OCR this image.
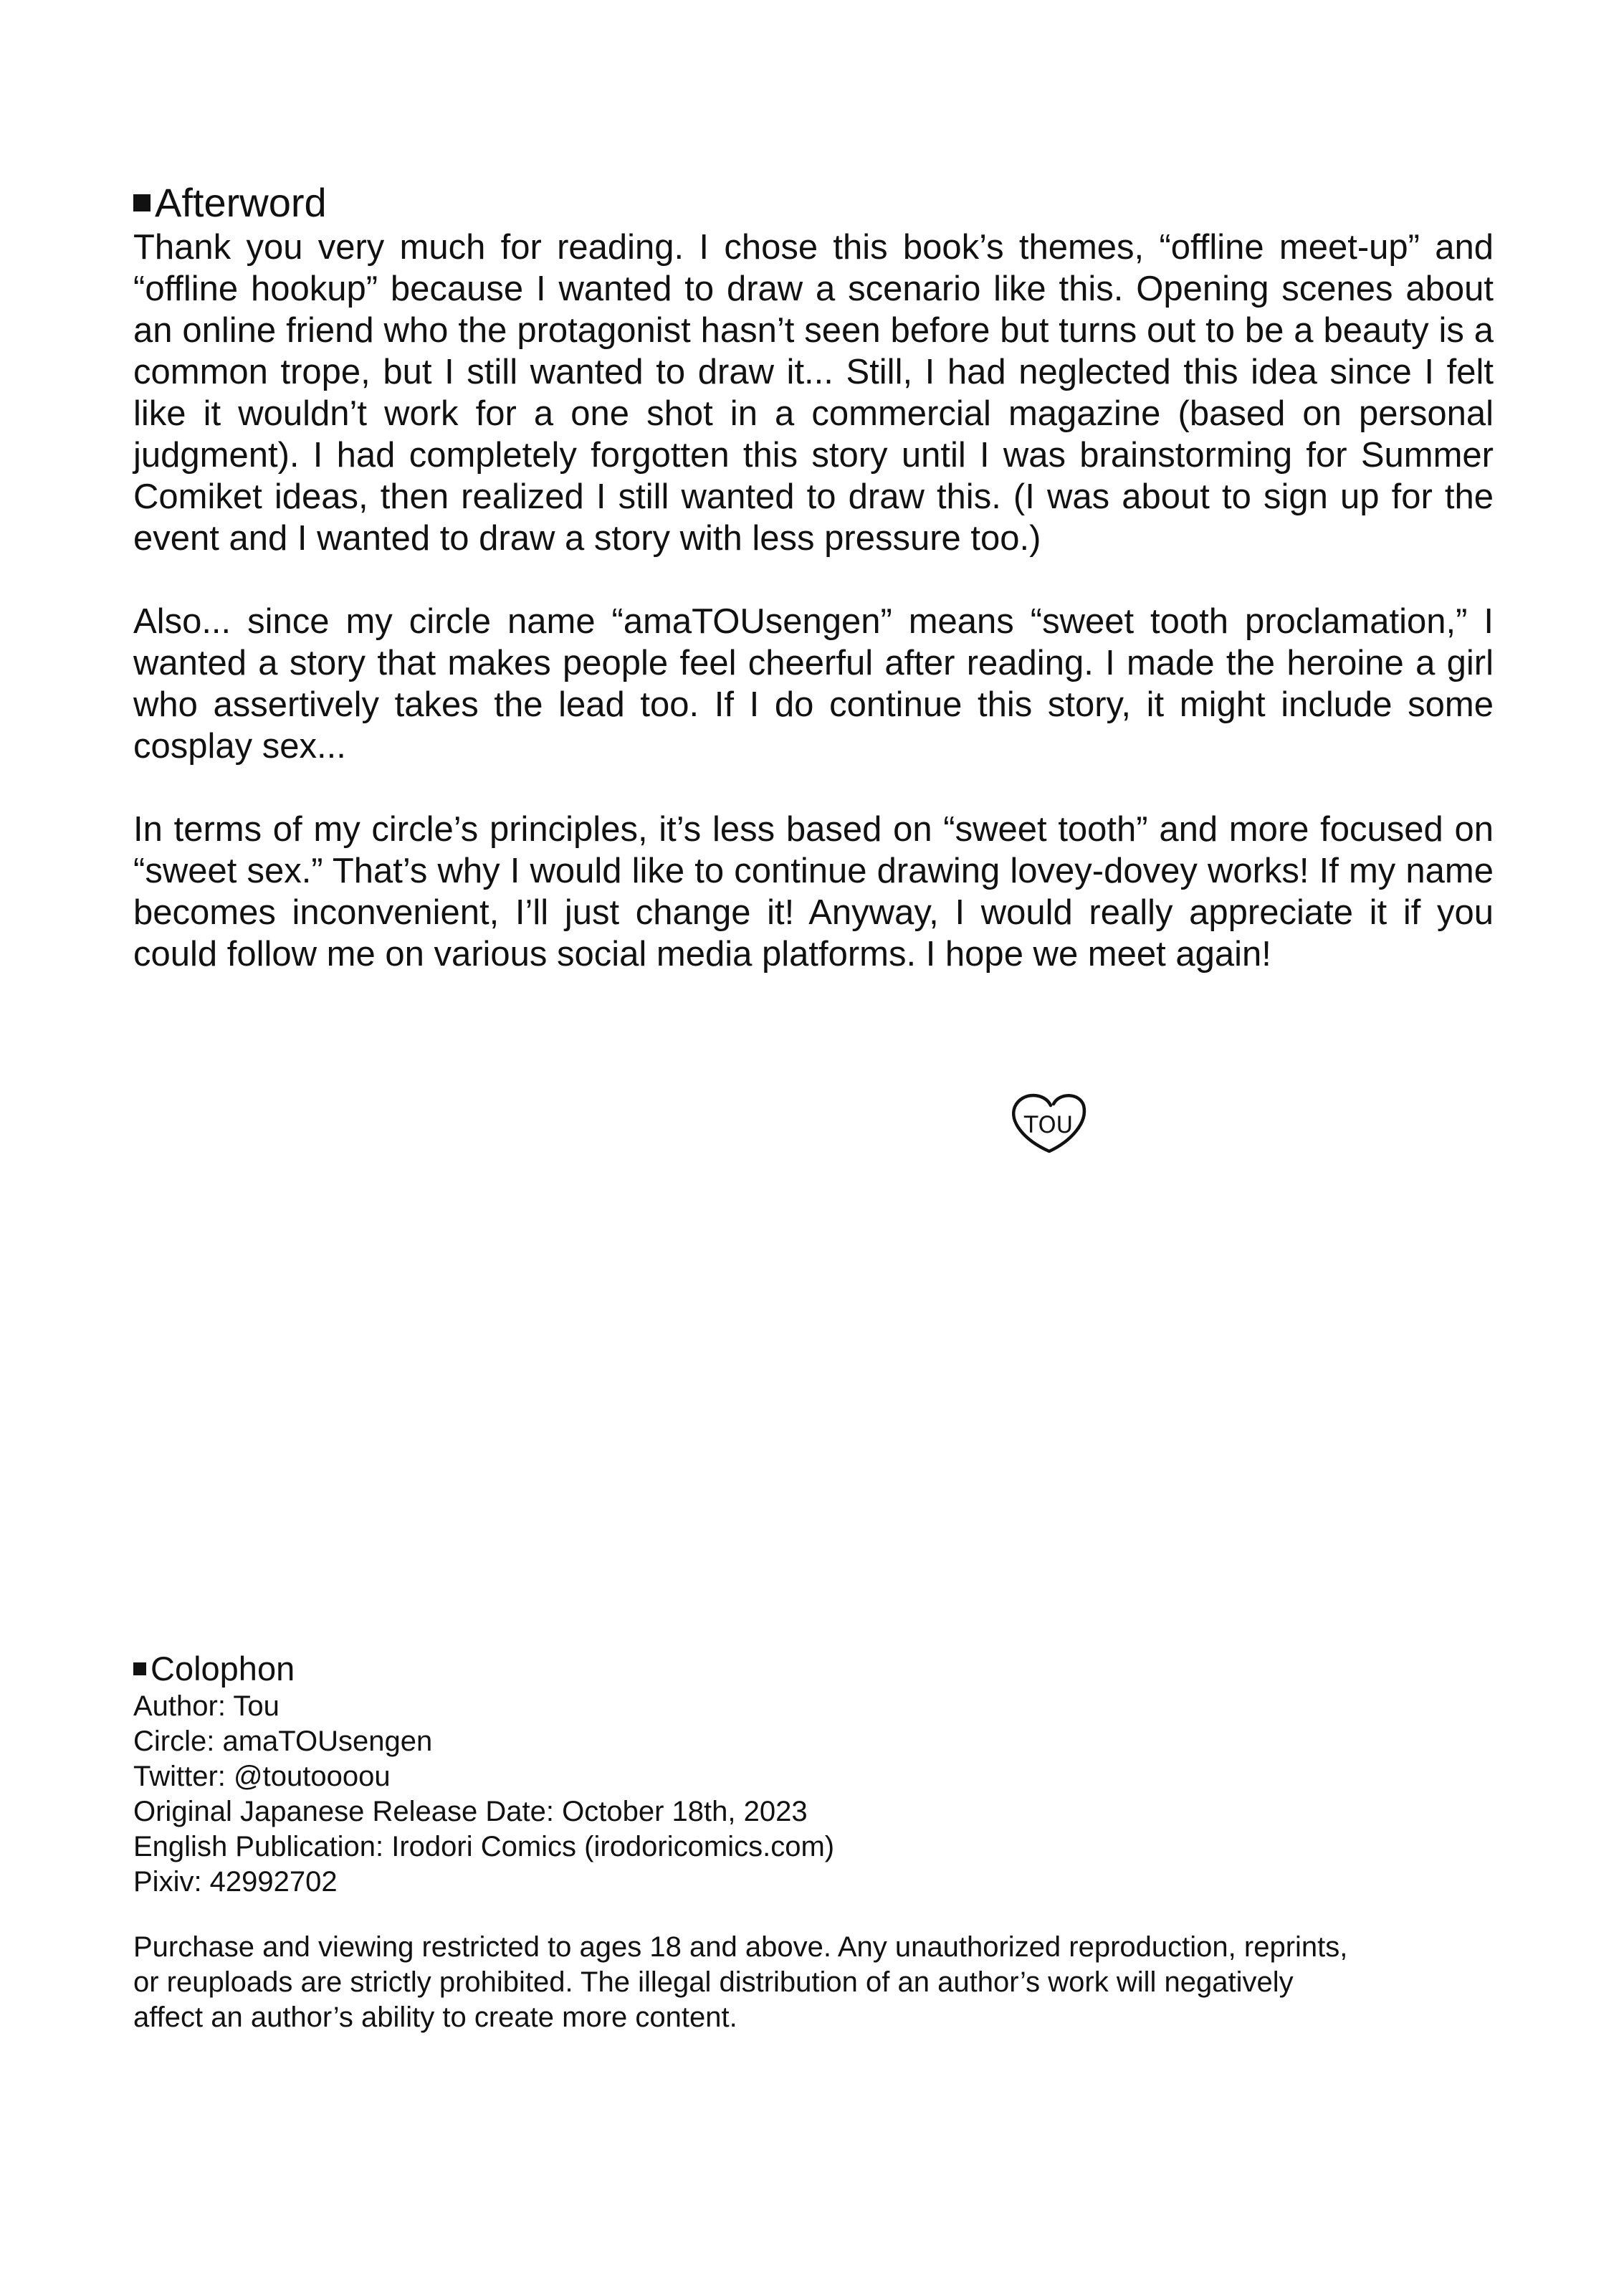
Afterword

Thank you very much for reading. I chose this book’s themes, “offline meet-up” and “offline hookup” because I wanted to draw a scenario like this. Opening scenes about an online friend who the protagonist hasn’t seen before but turns out to be a beauty is a common trope, but I still wanted to draw it... Still, I had neglected this idea since I felt like it wouldn’t work for a one shot in a commercial magazine (based on personal judgment). I had completely forgotten this story until I was brainstorming for Summer Comiket ideas, then realized I still wanted to draw this. (I was about to sign up for the event and I wanted to draw a story with less pressure too.)

Also... since my circle name “amaTOUsengen” means “sweet tooth proclamation,” I wanted a story that makes people feel cheerful after reading. I made the heroine a girl who assertively takes the lead too. If I do continue this story, it might include some cosplay sex...

In terms of my circle’s principles, it’s less based on “sweet tooth” and more focused on “sweet sex.” That’s why I would like to continue drawing lovey-dovey works! If my name becomes inconvenient, I’ll just change it! Anyway, I would really appreciate it if you could follow me on various social media platforms. I hope we meet again!

TOU
Colophon
Author: Tou
Circle: amaTOUsengen
Twitter: @toutoooou
Original Japanese Release Date: October 18th, 2023
English Publication: Irodori Comics (irodoricomics.com)
Pixiv: 42992702
Purchase and viewing restricted to ages 18 and above. Any unauthorized reproduction, reprints,
or reuploads are strictly prohibited. The illegal distribution of an author’s work will negatively
affect an author’s ability to create more content.
